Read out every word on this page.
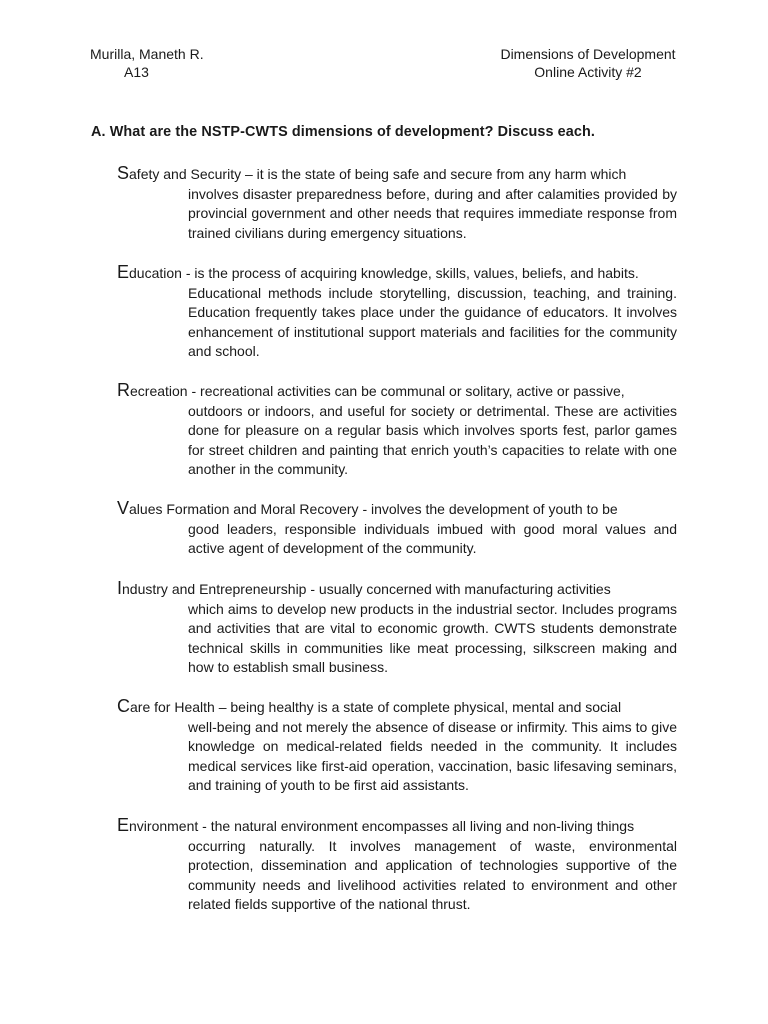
Murilla, Maneth R.
A13
Dimensions of Development
Online Activity #2
A. What are the NSTP-CWTS dimensions of development? Discuss each.
Safety and Security – it is the state of being safe and secure from any harm which
involves disaster preparedness before, during and after calamities provided by provincial government and other needs that requires immediate response from trained civilians during emergency situations.
Education - is the process of acquiring knowledge, skills, values, beliefs, and habits.
Educational methods include storytelling, discussion, teaching, and training. Education frequently takes place under the guidance of educators. It involves enhancement of institutional support materials and facilities for the community and school.
Recreation - recreational activities can be communal or solitary, active or passive,
outdoors or indoors, and useful for society or detrimental. These are activities done for pleasure on a regular basis which involves sports fest, parlor games for street children and painting that enrich youth’s capacities to relate with one another in the community.
Values Formation and Moral Recovery - involves the development of youth to be
good leaders, responsible individuals imbued with good moral values and active agent of development of the community.
Industry and Entrepreneurship - usually concerned with manufacturing activities
which aims to develop new products in the industrial sector. Includes programs and activities that are vital to economic growth. CWTS students demonstrate technical skills in communities like meat processing, silkscreen making and how to establish small business.
Care for Health – being healthy is a state of complete physical, mental and social
well-being and not merely the absence of disease or infirmity. This aims to give knowledge on medical-related fields needed in the community. It includes medical services like first-aid operation, vaccination, basic lifesaving seminars, and training of youth to be first aid assistants.
Environment - the natural environment encompasses all living and non-living things
occurring naturally. It involves management of waste, environmental protection, dissemination and application of technologies supportive of the community needs and livelihood activities related to environment and other related fields supportive of the national thrust.
